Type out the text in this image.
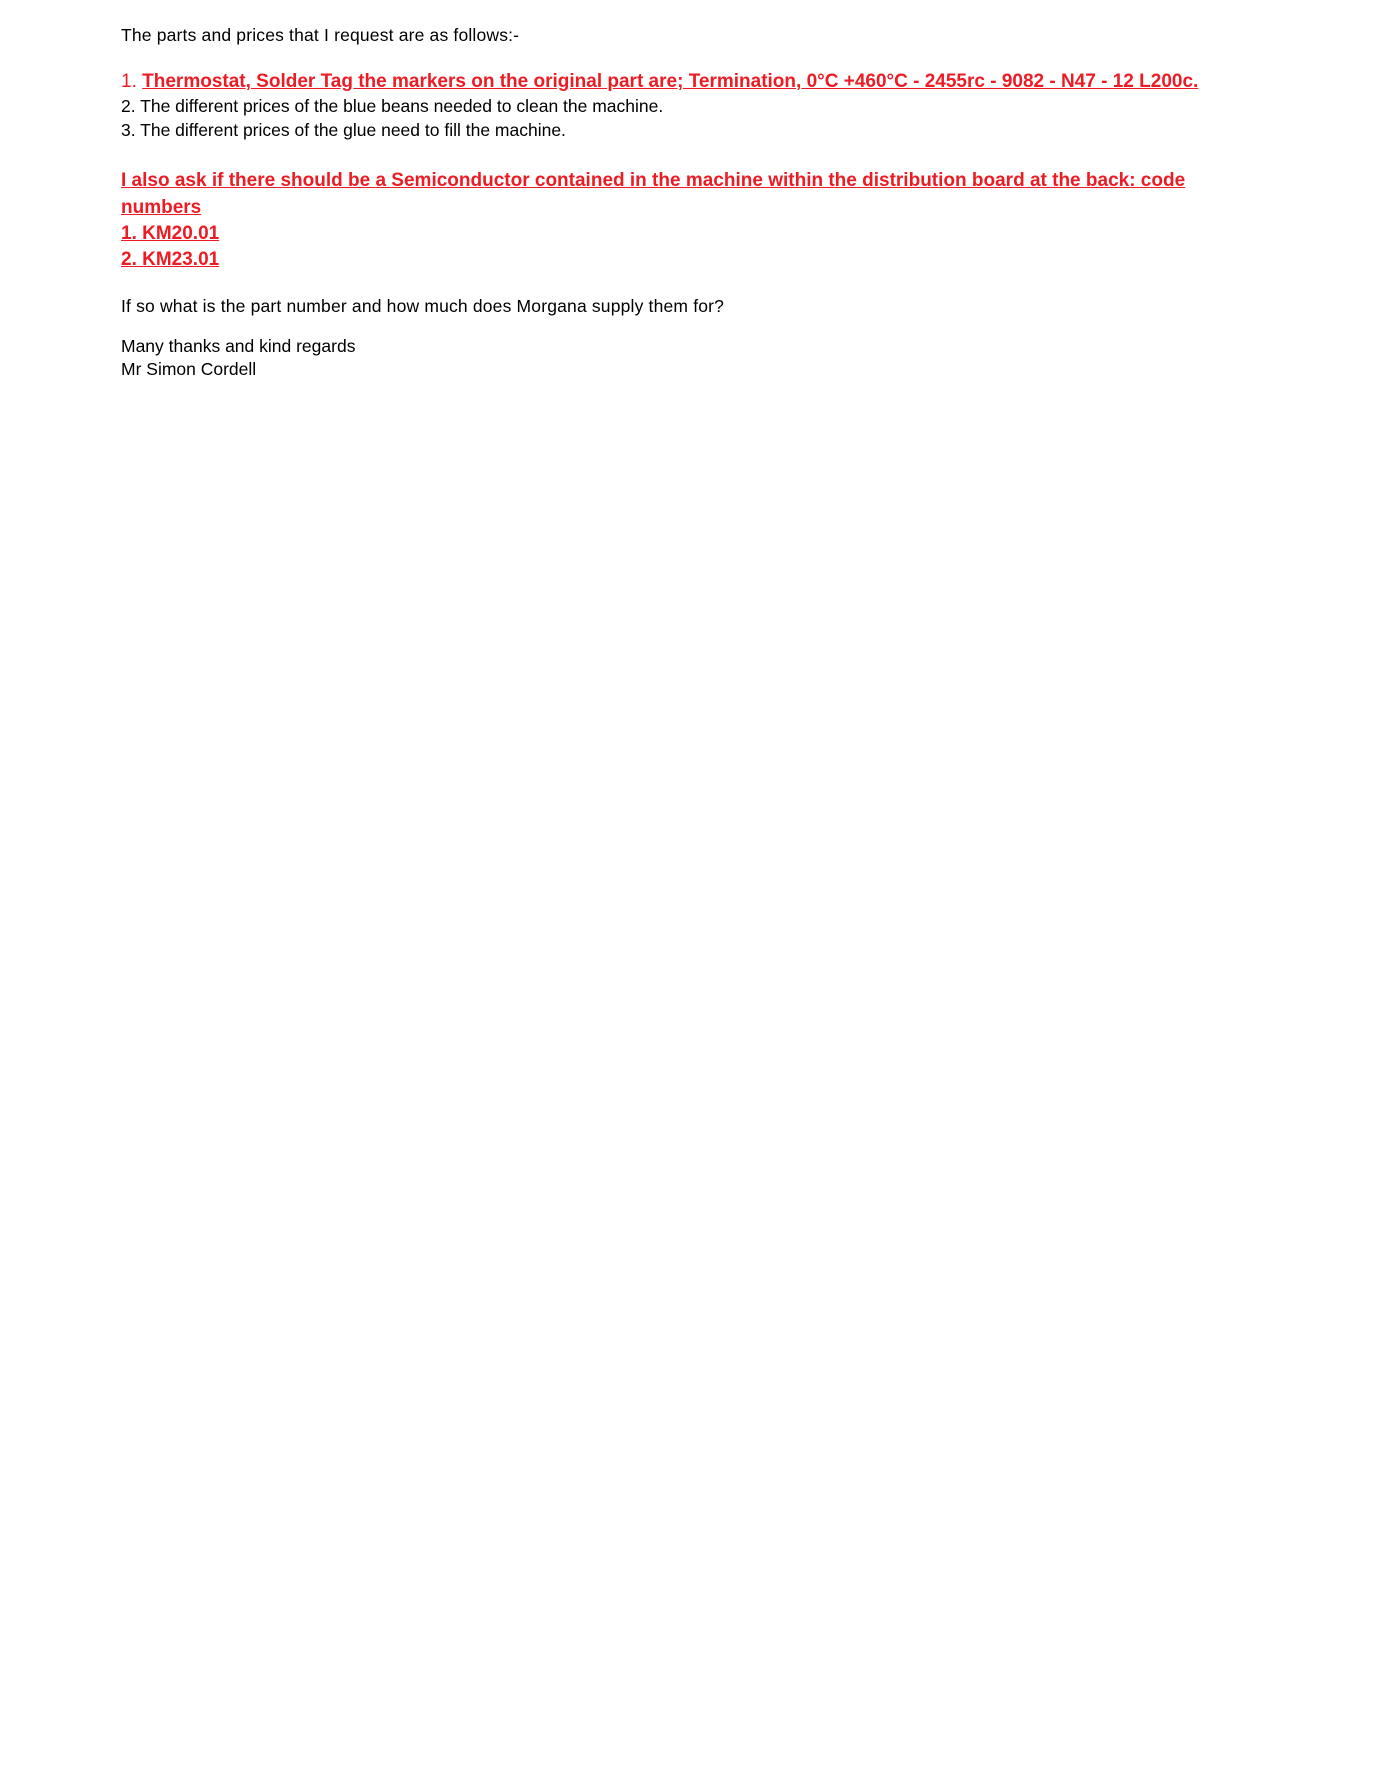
The parts and prices that I request are as follows:-
1. Thermostat, Solder Tag the markers on the original part are; Termination, 0°C +460°C - 2455rc - 9082 - N47 - 12 L200c.
2. The different prices of the blue beans needed to clean the machine.
3. The different prices of the glue need to fill the machine.
I also ask if there should be a Semiconductor contained in the machine within the distribution board at the back: code numbers
1. KM20.01
2. KM23.01
If so what is the part number and how much does Morgana supply them for?
Many thanks and kind regards
Mr Simon Cordell
